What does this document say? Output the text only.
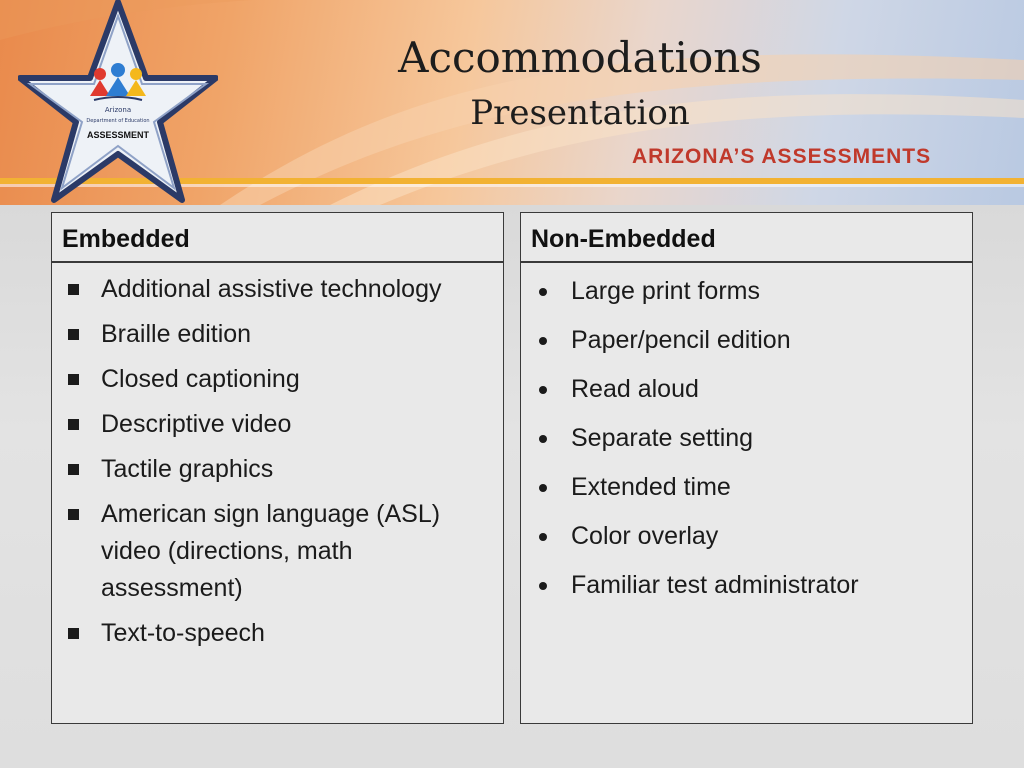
Arizona
Department of Education
ASSESSMENT
Accommodations
Presentation
ARIZONA’S ASSESSMENTS
Embedded
Additional assistive technology
Braille edition
Closed captioning
Descriptive video
Tactile graphics
American sign language (ASL) video (directions, math assessment)
Text-to-speech
Non-Embedded
Large print forms
Paper/pencil edition
Read aloud
Separate setting
Extended time
Color overlay
Familiar test administrator
